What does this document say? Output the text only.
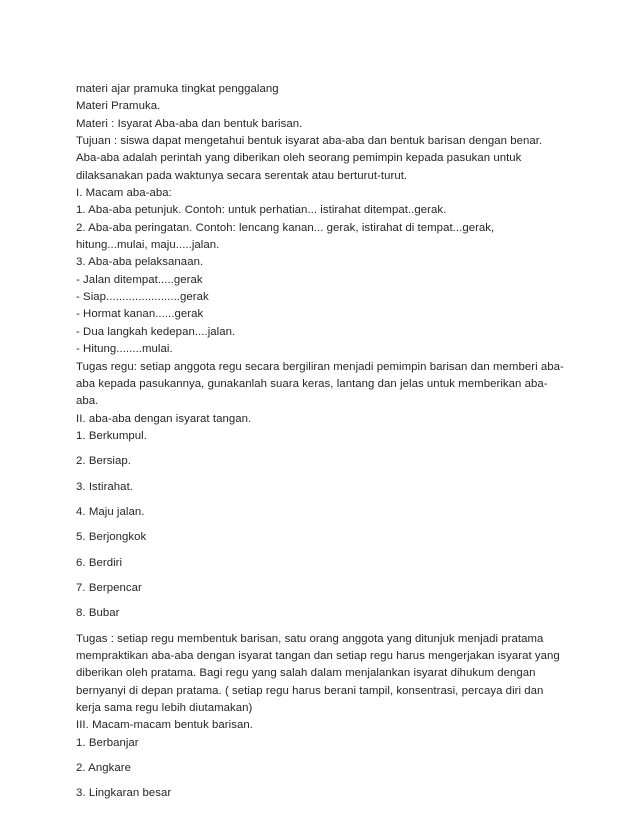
materi ajar pramuka tingkat penggalang
Materi Pramuka.
Materi : Isyarat Aba-aba dan bentuk barisan.
Tujuan : siswa dapat mengetahui bentuk isyarat aba-aba dan bentuk barisan dengan benar.
Aba-aba adalah perintah yang diberikan oleh seorang pemimpin kepada pasukan untuk
dilaksanakan pada waktunya secara serentak atau berturut-turut.
I. Macam aba-aba:
1. Aba-aba petunjuk. Contoh: untuk perhatian... istirahat ditempat..gerak.
2. Aba-aba peringatan. Contoh: lencang kanan... gerak, istirahat di tempat...gerak,
hitung...mulai, maju.....jalan.
3. Aba-aba pelaksanaan.
- Jalan ditempat.....gerak
- Siap.......................gerak
- Hormat kanan......gerak
- Dua langkah kedepan....jalan.
- Hitung........mulai.
Tugas regu: setiap anggota regu secara bergiliran menjadi pemimpin barisan dan memberi aba-
aba kepada pasukannya, gunakanlah suara keras, lantang dan jelas untuk memberikan aba-
aba.
II. aba-aba dengan isyarat tangan.
1. Berkumpul.
2. Bersiap.
3. Istirahat.
4. Maju jalan.
5. Berjongkok
6. Berdiri
7. Berpencar
8. Bubar
Tugas : setiap regu membentuk barisan, satu orang anggota yang ditunjuk menjadi pratama
mempraktikan aba-aba dengan isyarat tangan dan setiap regu harus mengerjakan isyarat yang
diberikan oleh pratama. Bagi regu yang salah dalam menjalankan isyarat dihukum dengan
bernyanyi di depan pratama. ( setiap regu harus berani tampil, konsentrasi, percaya diri dan
kerja sama regu lebih diutamakan)
III. Macam-macam bentuk barisan.
1. Berbanjar
2. Angkare
3. Lingkaran besar
